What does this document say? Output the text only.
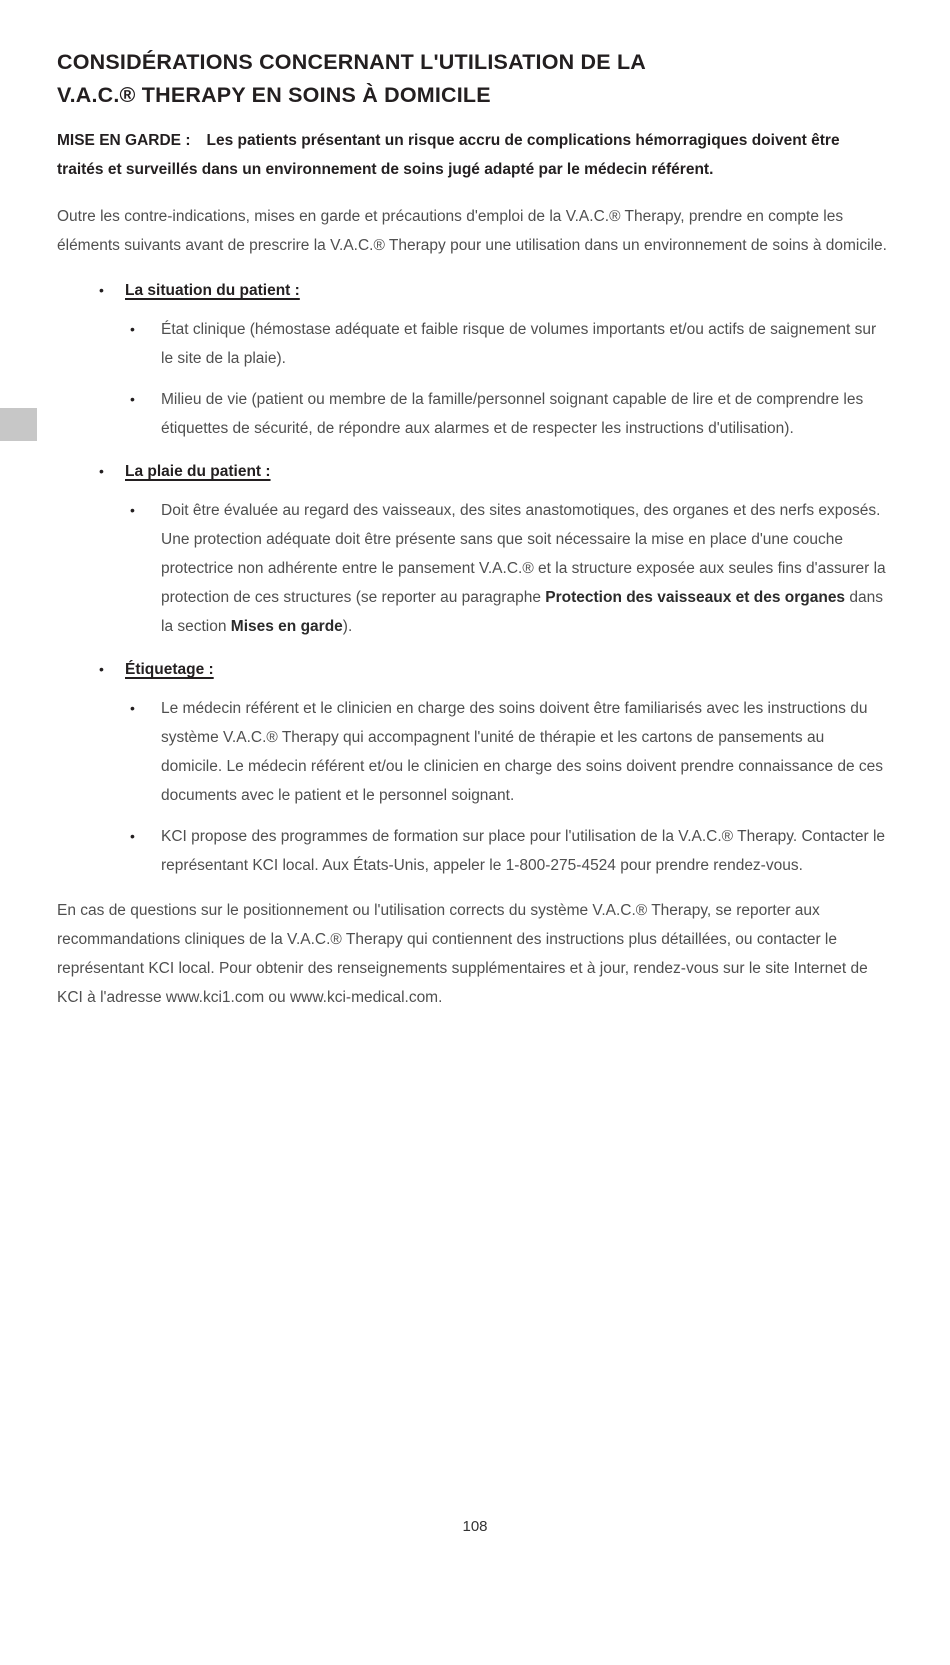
CONSIDÉRATIONS CONCERNANT L'UTILISATION DE LA
V.A.C.® THERAPY EN SOINS À DOMICILE

MISE EN GARDE : Les patients présentant un risque accru de complications hémorragiques doivent être traités et surveillés dans un environnement de soins jugé adapté par le médecin référent.

Outre les contre-indications, mises en garde et précautions d'emploi de la V.A.C.® Therapy, prendre en compte les éléments suivants avant de prescrire la V.A.C.® Therapy pour une utilisation dans un environnement de soins à domicile.

•	La situation du patient :
•	État clinique (hémostase adéquate et faible risque de volumes importants et/ou actifs de saignement sur le site de la plaie).

•	Milieu de vie (patient ou membre de la famille/personnel soignant capable de lire et de comprendre les étiquettes de sécurité, de répondre aux alarmes et de respecter les instructions d'utilisation).

•	La plaie du patient :
•	Doit être évaluée au regard des vaisseaux, des sites anastomotiques, des organes et des nerfs exposés. Une protection adéquate doit être présente sans que soit nécessaire la mise en place d'une couche protectrice non adhérente entre le pansement V.A.C.® et la structure exposée aux seules fins d'assurer la protection de ces structures (se reporter au paragraphe Protection des vaisseaux et des organes dans la section Mises en garde).

•	Étiquetage :
•	Le médecin référent et le clinicien en charge des soins doivent être familiarisés avec les instructions du système V.A.C.® Therapy qui accompagnent l'unité de thérapie et les cartons de pansements au domicile. Le médecin référent et/ou le clinicien en charge des soins doivent prendre connaissance de ces documents avec le patient et le personnel soignant.

•	KCI propose des programmes de formation sur place pour l'utilisation de la V.A.C.® Therapy. Contacter le représentant KCI local. Aux États-Unis, appeler le 1-800-275-4524 pour prendre rendez-vous.

En cas de questions sur le positionnement ou l'utilisation corrects du système V.A.C.® Therapy, se reporter aux recommandations cliniques de la V.A.C.® Therapy qui contiennent des instructions plus détaillées, ou contacter le représentant KCI local. Pour obtenir des renseignements supplémentaires et à jour, rendez-vous sur le site Internet de KCI à l'adresse www.kci1.com ou www.kci-medical.com.

108
